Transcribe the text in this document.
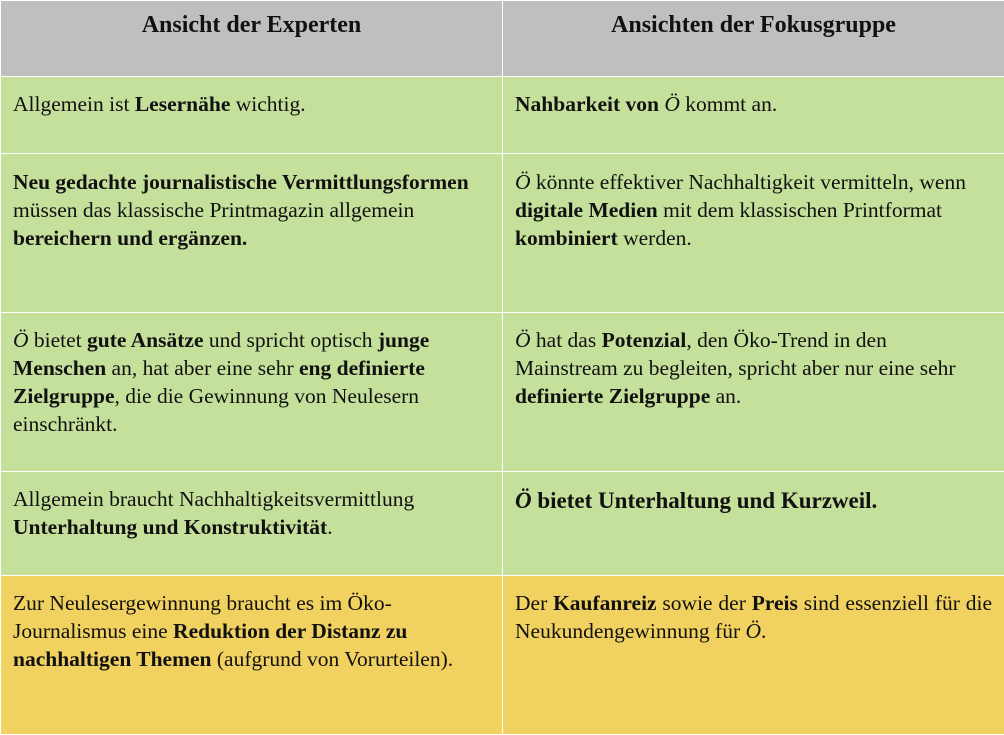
Ansicht der Experten	Ansichten der Fokusgruppe

Allgemein ist Lesernähe wichtig.	Nahbarkeit von Ö kommt an.

Neu gedachte journalistische Vermittlungsformen müssen das klassische Printmagazin allgemein bereichern und ergänzen.	Ö könnte effektiver Nachhaltigkeit vermitteln, wenn digitale Medien mit dem klassischen Printformat kombiniert werden.

Ö bietet gute Ansätze und spricht optisch junge Menschen an, hat aber eine sehr eng definierte Zielgruppe, die die Gewinnung von Neulesern einschränkt.	Ö hat das Potenzial, den Öko-Trend in den Mainstream zu begleiten, spricht aber nur eine sehr definierte Zielgruppe an.

Allgemein braucht Nachhaltigkeitsvermittlung Unterhaltung und Konstruktivität.	Ö bietet Unterhaltung und Kurzweil.

Zur Neulesergewinnung braucht es im Öko-Journalismus eine Reduktion der Distanz zu nachhaltigen Themen (aufgrund von Vorurteilen).	Der Kaufanreiz sowie der Preis sind essenziell für die Neukundengewinnung für Ö.
